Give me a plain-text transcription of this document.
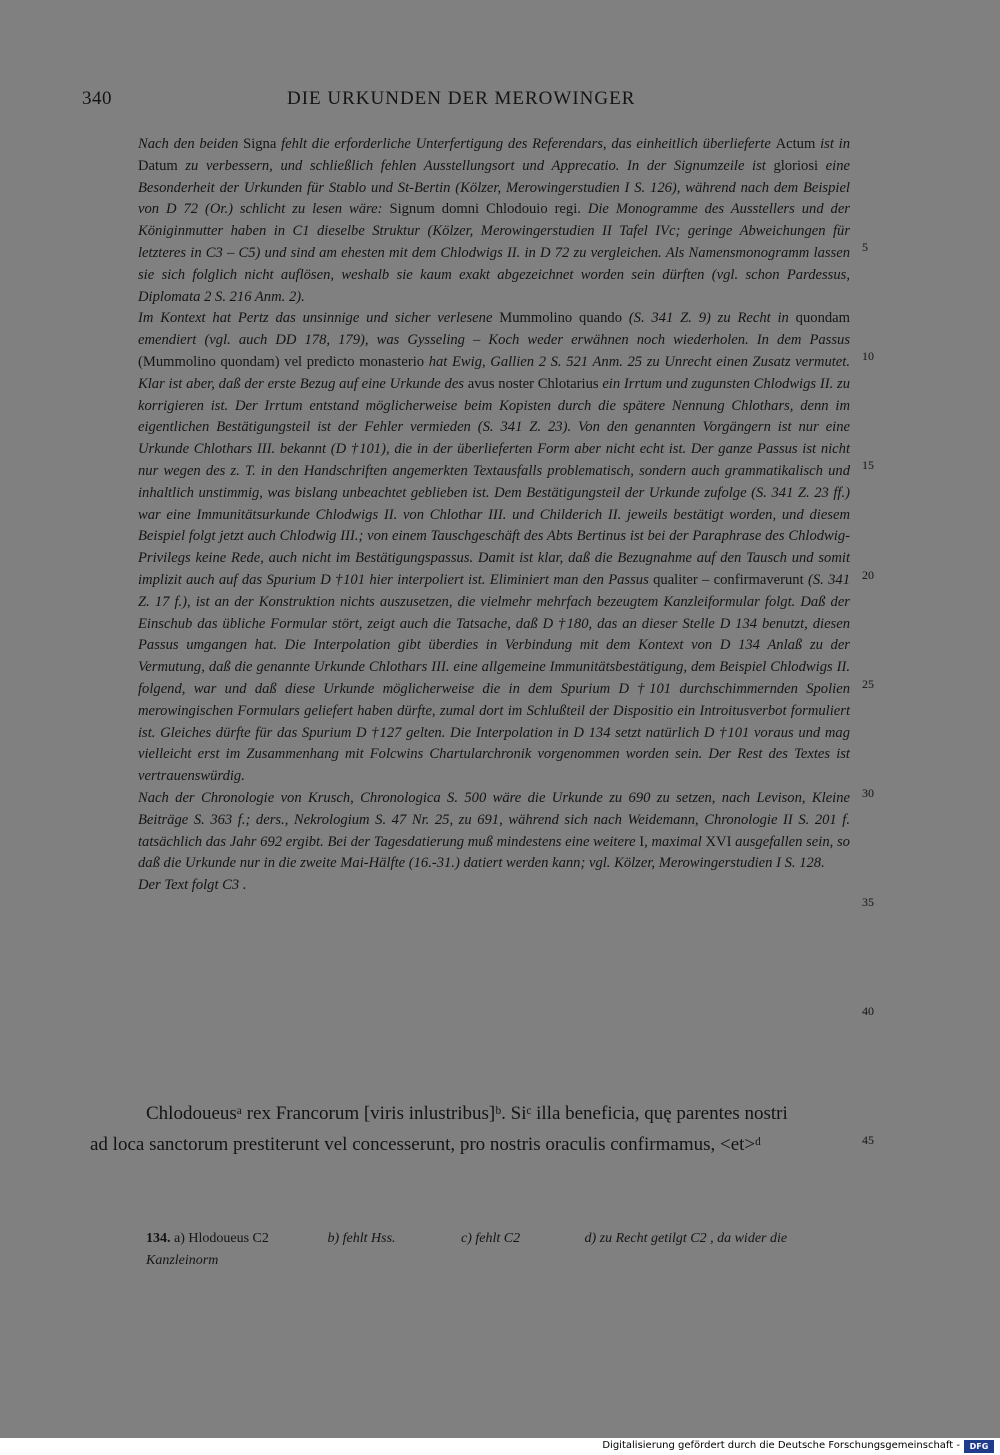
340	DIE URKUNDEN DER MEROWINGER

Nach den beiden Signa fehlt die erforderliche Unterfertigung des Referendars, das einheitlich überlieferte Actum ist in Datum zu verbessern, und schließlich fehlen Ausstellungsort und Apprecatio. In der Signumzeile ist gloriosi eine Besonderheit der Urkunden für Stablo und St-Bertin (Kölzer, Merowingerstudien I S. 126), während nach dem Beispiel von D 72 (Or.) schlicht zu lesen wäre: Signum domni Chlodouio regi. Die Monogramme des Ausstellers und der Königinmutter haben in C1 dieselbe Struktur (Kölzer, Merowingerstudien II Tafel IVc; geringe Abweichungen für letzteres in C3 – C5) und sind am ehesten mit dem Chlodwigs II. in D 72 zu vergleichen. Als Namensmonogramm lassen sie sich folglich nicht auflösen, weshalb sie kaum exakt abgezeichnet worden sein dürften (vgl. schon Pardessus, Diplomata 2 S. 216 Anm. 2).

Im Kontext hat Pertz das unsinnige und sicher verlesene Mummolino quando (S. 341 Z. 9) zu Recht in quondam emendiert (vgl. auch DD 178, 179), was Gysseling – Koch weder erwähnen noch wiederholen. In dem Passus (Mummolino quondam) vel predicto monasterio hat Ewig, Gallien 2 S. 521 Anm. 25 zu Unrecht einen Zusatz vermutet. Klar ist aber, daß der erste Bezug auf eine Urkunde des avus noster Chlotarius ein Irrtum und zugunsten Chlodwigs II. zu korrigieren ist. Der Irrtum entstand möglicherweise beim Kopisten durch die spätere Nennung Chlothars, denn im eigentlichen Bestätigungsteil ist der Fehler vermieden (S. 341 Z. 23). Von den genannten Vorgängern ist nur eine Urkunde Chlothars III. bekannt (D †101), die in der überlieferten Form aber nicht echt ist. Der ganze Passus ist nicht nur wegen des z. T. in den Handschriften angemerkten Textausfalls problematisch, sondern auch grammatikalisch und inhaltlich unstimmig, was bislang unbeachtet geblieben ist. Dem Bestätigungsteil der Urkunde zufolge (S. 341 Z. 23 ff.) war eine Immunitätsurkunde Chlodwigs II. von Chlothar III. und Childerich II. jeweils bestätigt worden, und diesem Beispiel folgt jetzt auch Chlodwig III.; von einem Tauschgeschäft des Abts Bertinus ist bei der Paraphrase des Chlodwig-Privilegs keine Rede, auch nicht im Bestätigungspassus. Damit ist klar, daß die Bezugnahme auf den Tausch und somit implizit auch auf das Spurium D †101 hier interpoliert ist. Eliminiert man den Passus qualiter – confirmaverunt (S. 341 Z. 17 f.), ist an der Konstruktion nichts auszusetzen, die vielmehr mehrfach bezeugtem Kanzleiformular folgt. Daß der Einschub das übliche Formular stört, zeigt auch die Tatsache, daß D †180, das an dieser Stelle D 134 benutzt, diesen Passus umgangen hat. Die Interpolation gibt überdies in Verbindung mit dem Kontext von D 134 Anlaß zu der Vermutung, daß die genannte Urkunde Chlothars III. eine allgemeine Immunitätsbestätigung, dem Beispiel Chlodwigs II. folgend, war und daß diese Urkunde möglicherweise die in dem Spurium D †101 durchschimmernden Spolien merowingischen Formulars geliefert haben dürfte, zumal dort im Schlußteil der Dispositio ein Introitusverbot formuliert ist. Gleiches dürfte für das Spurium D †127 gelten. Die Interpolation in D 134 setzt natürlich D †101 voraus und mag vielleicht erst im Zusammenhang mit Folcwins Chartularchronik vorgenommen worden sein. Der Rest des Textes ist vertrauenswürdig.

Nach der Chronologie von Krusch, Chronologica S. 500 wäre die Urkunde zu 690 zu setzen, nach Levison, Kleine Beiträge S. 363 f.; ders., Nekrologium S. 47 Nr. 25, zu 691, während sich nach Weidemann, Chronologie II S. 201 f. tatsächlich das Jahr 692 ergibt. Bei der Tagesdatierung muß mindestens eine weitere I, maximal XVI ausgefallen sein, so daß die Urkunde nur in die zweite Mai-Hälfte (16.-31.) datiert werden kann; vgl. Kölzer, Merowingerstudien I S. 128.

Der Text folgt C3 .

5
10
15
20
25
30
35
40
45
Chlodoueusᵃ rex Francorum [viris inlustribus]ᵇ. Siᶜ illa beneficia, quę parentes nostri
ad loca sanctorum prestiterunt vel concesserunt, pro nostris oraculis confirmamus, <et>ᵈ
134. a) Hlodoueus C2	b) fehlt Hss.	c) fehlt C2	d) zu Recht getilgt C2 , da wider die Kanzleinorm
Digitalisierung gefördert durch die Deutsche Forschungsgemeinschaft -	DFG
